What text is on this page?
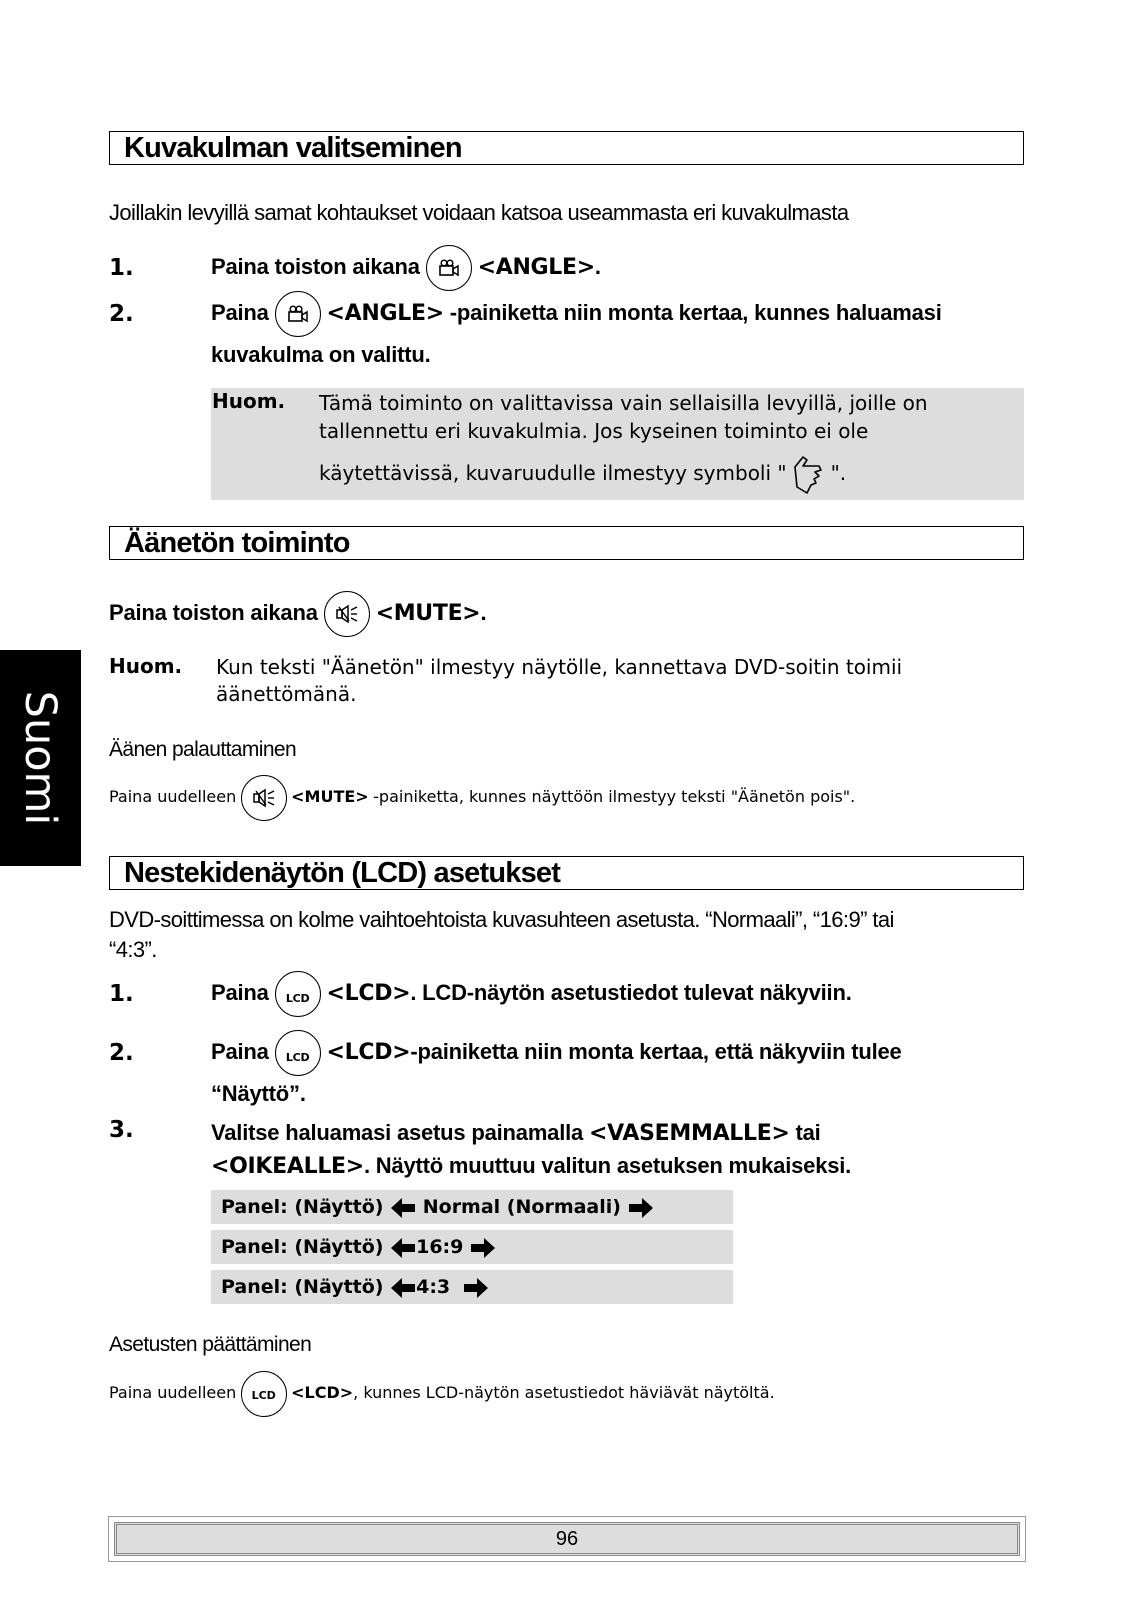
Suomi
Kuvakulman valitseminen
Joillakin levyillä samat kohtaukset voidaan katsoa useammasta eri kuvakulmasta
1.	Paina toiston aikana	<ANGLE>.
2.	Paina	<ANGLE> -painiketta niin monta kertaa, kunnes haluamasi
kuvakulma on valittu.
Huom. Tämä toiminto on valittavissa vain sellaisilla levyillä, joille on
tallennettu eri kuvakulmia. Jos kyseinen toiminto ei ole
käytettävissä, kuvaruudulle ilmestyy symboli " ".
Äänetön toiminto
Paina toiston aikana	<MUTE>.
Huom. Kun teksti "Äänetön" ilmestyy näytölle, kannettava DVD-soitin toimii
äänettömänä.
Äänen palauttaminen
Paina uudelleen	<MUTE> -painiketta, kunnes näyttöön ilmestyy teksti "Äänetön pois".
Nestekidenäytön (LCD) asetukset
DVD-soittimessa on kolme vaihtoehtoista kuvasuhteen asetusta. “Normaali”, “16:9” tai
“4:3”.
1.	Paina LCD <LCD>. LCD-näytön asetustiedot tulevat näkyviin.
2.	Paina LCD <LCD>-painiketta niin monta kertaa, että näkyviin tulee
“Näyttö”.
3.	Valitse haluamasi asetus painamalla <VASEMMALLE> tai
<OIKEALLE>. Näyttö muuttuu valitun asetuksen mukaiseksi.
Panel: (Näyttö) Normal (Normaali)
Panel: (Näyttö) 16:9
Panel: (Näyttö) 4:3
Asetusten päättäminen
Paina uudelleen LCD <LCD>, kunnes LCD-näytön asetustiedot häviävät näytöltä.
96
